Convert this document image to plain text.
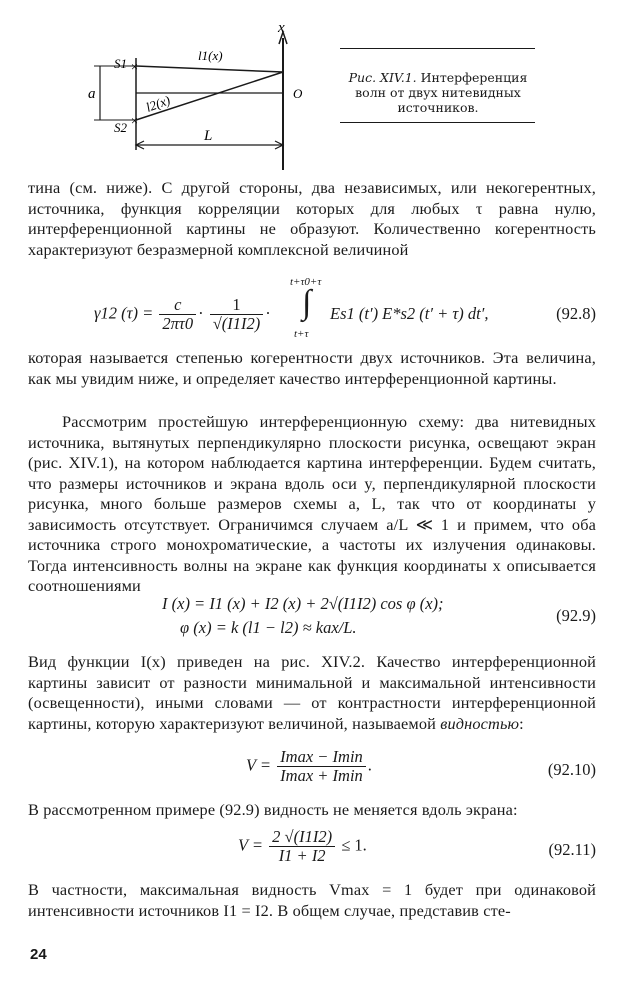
x
a
S1
S2
×
×
l1(x)
l2(x)	O
L
Рис. XIV.1. Интерференция волн от двух нитевидных источников.

тина (см. ниже). С другой стороны, два независимых, или некогерентных, источника, функция корреляции которых для любых τ равна нулю, интерференционной картины не образуют. Количественно когерентность характеризуют безразмерной комплексной величиной

γ12 $(\tau) = \frac{c}{2\pi\tau 0} \cdot \frac{1}{√(I1I2)}$ ·
t+τ0+τ
∫
t+τ
Es1 (t′) E*s2 (t′ + τ) dt′,	(92.8)

которая называется степенью когерентности двух источников. Эта величина, как мы увидим ниже, и определяет качество интерференционной картины.

Рассмотрим простейшую интерференционную схему: два нитевидных источника, вытянутых перпендикулярно плоскости рисунка, освещают экран (рис. XIV.1), на котором наблюдается картина интерференции. Будем считать, что размеры источников и экрана вдоль оси y, перпендикулярной плоскости рисунка, много больше размеров схемы a, L, так что от координаты y зависимость отсутствует. Ограничимся случаем a/L ≪ 1 и примем, что оба источника строго монохроматические, а частоты их излучения одинаковы. Тогда интенсивность волны на экране как функция координаты x описывается соотношениями

I (x) = I1 (x) + I2 (x) + 2√(I1I2) cos φ (x);
φ (x) = k (l1 − l2) ≈ kax/L.
(92.9)

Вид функции I(x) приведен на рис. XIV.2. Качество интерференционной картины зависит от разности минимальной и максимальной интенсивности (освещенности), иными словами — от контрастности интерференционной картины, которую характеризуют величиной, называемой видностью:

$V = \frac{Imax - Imin}{Imax + Imin}$ .	(92.10)

В рассмотренном примере (92.9) видность не меняется вдоль экрана:

$V = \frac{2 √(I1I2)}{I1 + I2} \le 1$.	(92.11)

В частности, максимальная видность Vmax = 1 будет при одинаковой интенсивности источников I1 = I2. В общем случае, представив сте-

24
